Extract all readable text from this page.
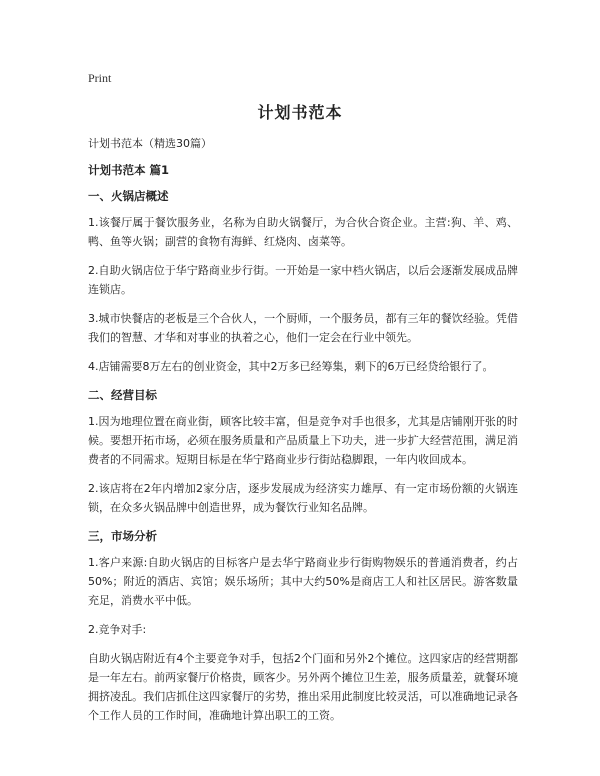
Print
计划书范本

计划书范本（精选30篇）

计划书范本 篇1

一、火锅店概述

1.该餐厅属于餐饮服务业，名称为自助火锅餐厅，为合伙合资企业。主营:狗、羊、鸡、鸭、鱼等火锅；副营的食物有海鲜、红烧肉、卤菜等。

2.自助火锅店位于华宁路商业步行街。一开始是一家中档火锅店，以后会逐渐发展成品牌连锁店。

3.城市快餐店的老板是三个合伙人，一个厨师，一个服务员，都有三年的餐饮经验。凭借我们的智慧、才华和对事业的执着之心，他们一定会在行业中领先。

4.店铺需要8万左右的创业资金，其中2万多已经筹集，剩下的6万已经贷给银行了。

二、经营目标

1.因为地理位置在商业街，顾客比较丰富，但是竞争对手也很多，尤其是店铺刚开张的时候。要想开拓市场，必须在服务质量和产品质量上下功夫，进一步扩大经营范围，满足消费者的不同需求。短期目标是在华宁路商业步行街站稳脚跟，一年内收回成本。

2.该店将在2年内增加2家分店，逐步发展成为经济实力雄厚、有一定市场份额的火锅连锁，在众多火锅品牌中创造世界，成为餐饮行业知名品牌。

三，市场分析

1.客户来源:自助火锅店的目标客户是去华宁路商业步行街购物娱乐的普通消费者，约占50%；附近的酒店、宾馆；娱乐场所；其中大约50%是商店工人和社区居民。游客数量充足，消费水平中低。

2.竞争对手:

自助火锅店附近有4个主要竞争对手，包括2个门面和另外2个摊位。这四家店的经营期都是一年左右。前两家餐厅价格贵，顾客少。另外两个摊位卫生差，服务质量差，就餐环境拥挤凌乱。我们店抓住这四家餐厅的劣势，推出采用此制度比较灵活，可以准确地记录各个工作人员的工作时间，准确地计算出职工的工资。
